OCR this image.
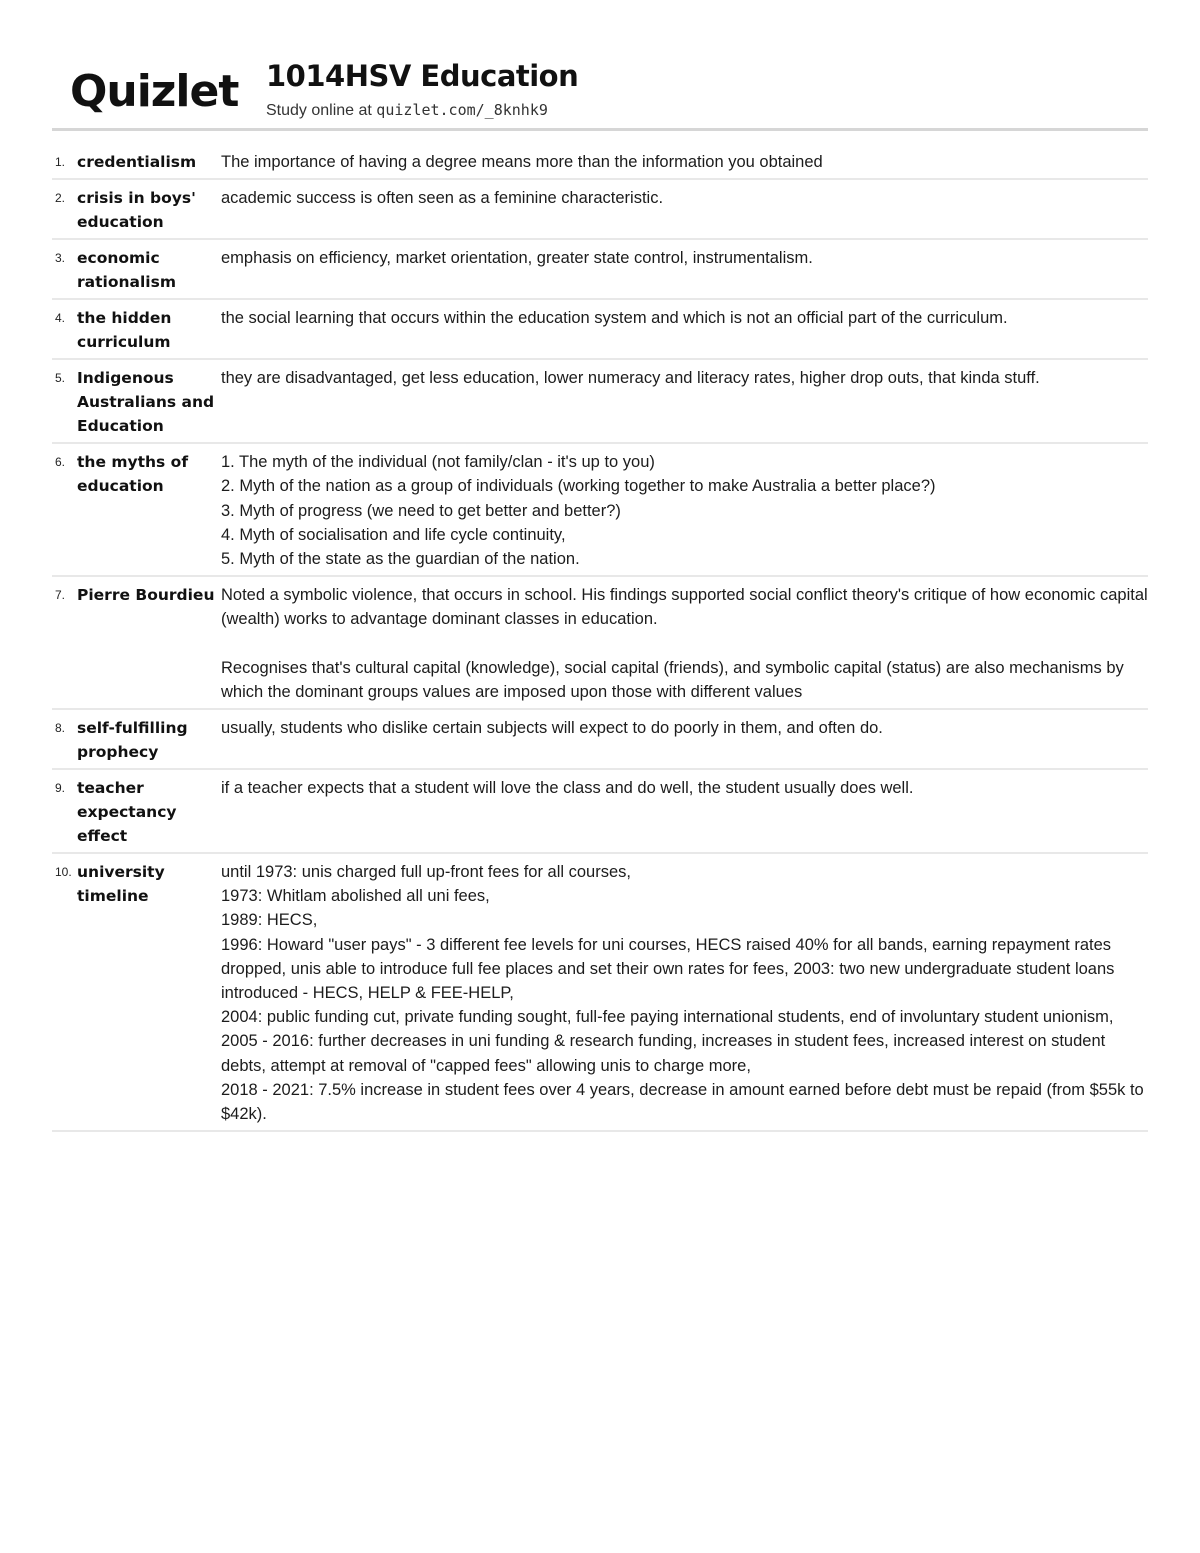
Quizlet 1014HSV Education
Study online at quizlet.com/_8knhk9
1. credentialism	The importance of having a degree means more than the information you obtained
2. crisis in boys' education
academic success is often seen as a feminine characteristic.
3. economic rationalism
emphasis on efficiency, market orientation, greater state control, instrumentalism.
4. the hidden curriculum
the social learning that occurs within the education system and which is not an official part of the curriculum.
5. Indigenous Australians and Education
they are disadvantaged, get less education, lower numeracy and literacy rates, higher drop outs, that kinda stuff.
6. the myths of education
1. The myth of the individual (not family/clan - it's up to you)
2. Myth of the nation as a group of individuals (working together to make Australia a better place?)
3. Myth of progress (we need to get better and better?)
4. Myth of socialisation and life cycle continuity,
5. Myth of the state as the guardian of the nation.
7. Pierre Bourdieu Noted a symbolic violence, that occurs in school. His findings supported social conflict theory's critique of how economic capital (wealth) works to advantage dominant classes in education.
Recognises that's cultural capital (knowledge), social capital (friends), and symbolic capital (status) are also mechanisms by which the dominant groups values are imposed upon those with different values
8. self-fulfilling prophecy
usually, students who dislike certain subjects will expect to do poorly in them, and often do.
9. teacher expectancy effect
if a teacher expects that a student will love the class and do well, the student usually does well.
10. university timeline
until 1973: unis charged full up-front fees for all courses,
1973: Whitlam abolished all uni fees,
1989: HECS,
1996: Howard "user pays" - 3 different fee levels for uni courses, HECS raised 40% for all bands, earning repayment rates dropped, unis able to introduce full fee places and set their own rates for fees, 2003: two new undergraduate student loans introduced - HECS, HELP & FEE-HELP,
2004: public funding cut, private funding sought, full-fee paying international students, end of involuntary student unionism,
2005 - 2016: further decreases in uni funding & research funding, increases in student fees, increased interest on student debts, attempt at removal of "capped fees" allowing unis to charge more,
2018 - 2021: 7.5% increase in student fees over 4 years, decrease in amount earned before debt must be repaid (from $55k to $42k).
